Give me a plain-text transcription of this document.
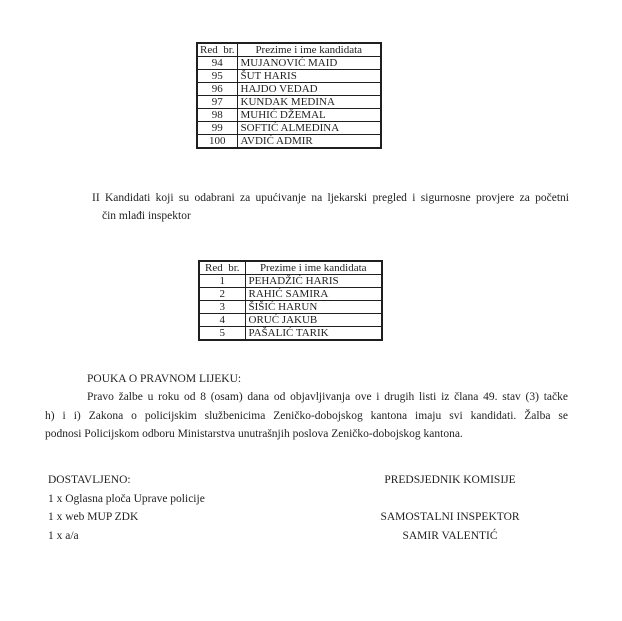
Red  br.	Prezime i ime kandidata
94	MUJANOVIĆ MAID
95	ŠUT HARIS
96	HAJDO VEDAD
97	KUNDAK MEDINA
98	MUHIĆ DŽEMAL
99	SOFTIĆ ALMEDINA
100	AVDIĆ ADMIR
II Kandidati koji su odabrani za upućivanje na ljekarski pregled i sigurnosne provjere za početni
čin mlađi inspektor
Red  br.	Prezime i ime kandidata
1	PEHADŽIĆ HARIS
2	RAHIĆ SAMIRA
3	ŠIŠIĆ HARUN
4	ORUĆ JAKUB
5	PAŠALIĆ TARIK
POUKA O PRAVNOM LIJEKU:
Pravo žalbe u roku od 8 (osam) dana od objavljivanja ove i drugih listi iz člana 49. stav (3) tačke
h) i i) Zakona o policijskim službenicima Zeničko-dobojskog kantona imaju svi kandidati. Žalba se
podnosi Policijskom odboru Ministarstva unutrašnjih poslova Zeničko-dobojskog kantona.
DOSTAVLJENO:
1 x Oglasna ploča Uprave policije
1 x web MUP ZDK
1 x a/a
PREDSJEDNIK KOMISIJE
SAMOSTALNI INSPEKTOR
SAMIR VALENTIĆ
